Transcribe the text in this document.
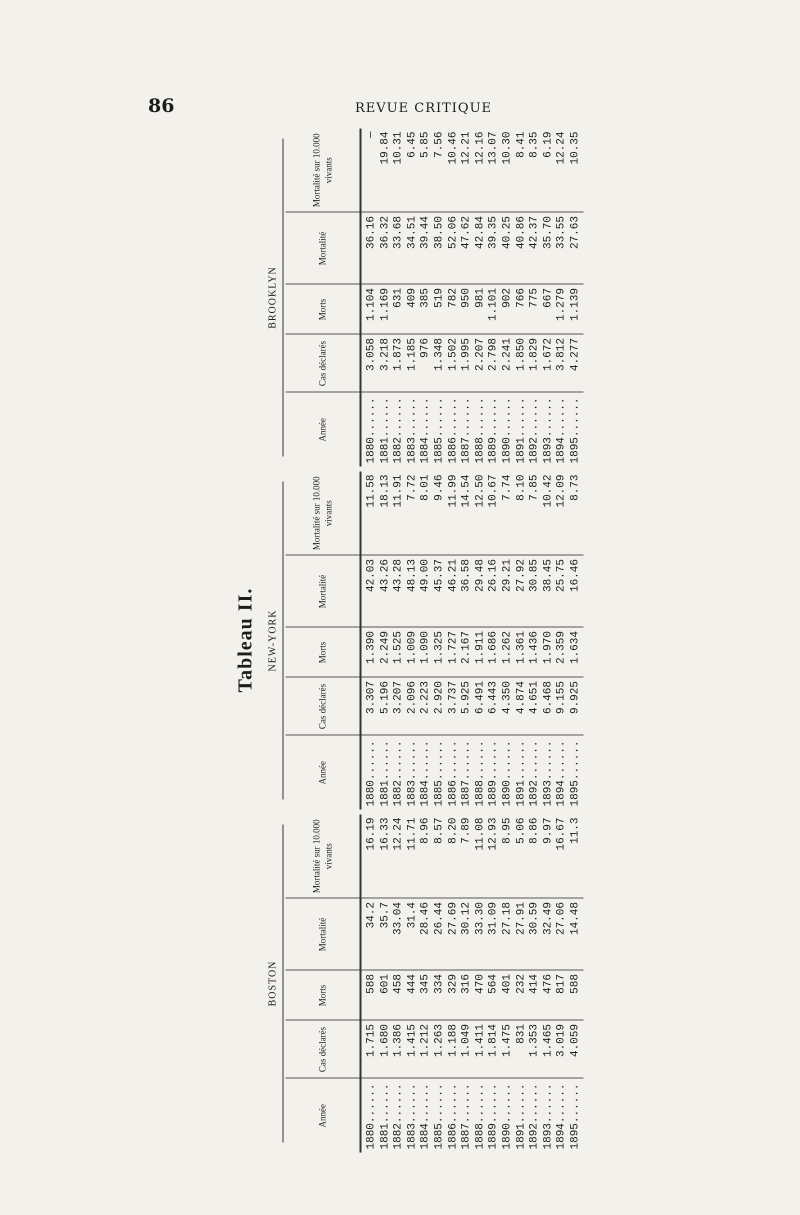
86	REVUE CRITIQUE
Tableau II.
BOSTON
Année	Cas déclarés	Morts	Mortalité	Mortalité sur 10.000 vivants
1880......	1.715	588	34.2	16.19
1881......	1.680	601	35.7	16.33
1882......	1.386	458	33.04	12.24
1883......	1.415	444	31.4	11.71
1884......	1.212	345	28.46	8.96
1885......	1.263	334	26.44	8.57
1886......	1.188	329	27.69	8.20
1887......	1.049	316	30.12	7.89
1888......	1.411	470	33.30	11.08
1889......	1.814	564	31.09	12.93
1890......	1.475	401	27.18	8.95
1891......	831	232	27.91	5.06
1892......	1.353	414	30.59	8.86
1893......	1.465	476	32.49	9.97
1894......	3.019	817	27.06	16.67
1895......	4.059	588	14.48	11.3
NEW-YORK
Année	Cas déclarés	Morts	Mortalité	Mortalité sur 10.000 vivants
1880......	3.307	1.390	42.03	11.58
1881......	5.196	2.249	43.26	18.13
1882......	3.207	1.525	43.28	11.91
1883......	2.096	1.009	48.13	7.72
1884......	2.223	1.090	49.00	8.01
1885......	2.920	1.325	45.37	9.46
1886......	3.737	1.727	46.21	11.99
1887......	5.925	2.167	36.58	14.54
1888......	6.491	1.911	29.48	12.50
1889......	6.443	1.686	26.16	10.67
1890......	4.350	1.262	29.21	7.74
1891......	4.874	1.361	27.92	8.10
1892......	4.651	1.436	30.85	7.85
1893......	6.468	1.970	38.45	10.42
1894......	9.155	2.359	25.75	12.09
1895......	9.925	1.634	16.46	8.73
BROOKLYN
Année	Cas déclarés	Morts	Mortalité	Mortalité sur 10.000 vivants
1880......	3.058	1.104	36.16	—
1881......	3.218	1.169	36.32	19.84
1882......	1.873	631	33.68	10.31
1883......	1.185	409	34.51	6.45
1884......	976	385	39.44	5.85
1885......	1.348	519	38.50	7.56
1886......	1.502	782	52.06	10.46
1887......	1.995	950	47.62	12.21
1888......	2.207	981	42.84	12.16
1889......	2.798	1.101	39.35	13.07
1890......	2.241	902	40.25	10.30
1891......	1.850	766	40.86	8.41
1892......	1.829	775	42.37	8.35
1893......	1.672	667	35.70	6.19
1894......	3.812	1.279	33.55	12.24
1895......	4.277	1.139	27.63	10.35
